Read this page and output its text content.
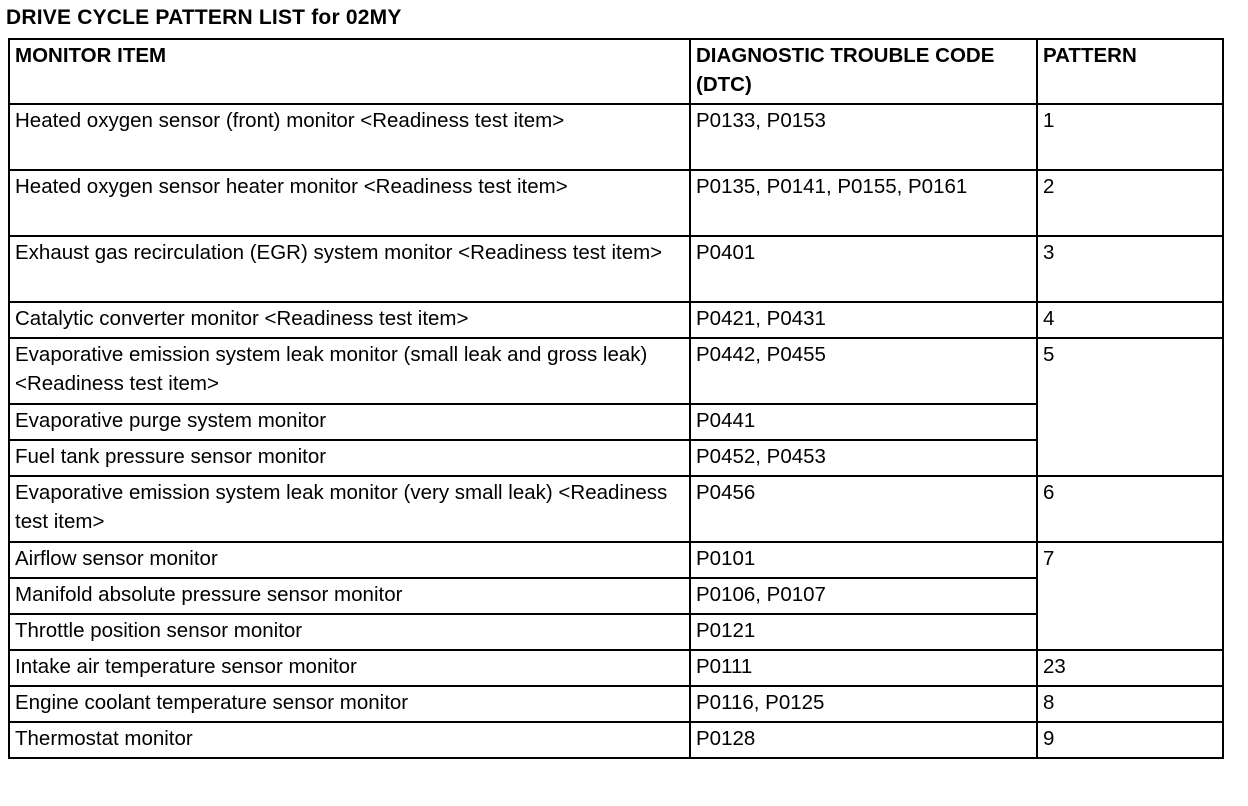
DRIVE CYCLE PATTERN LIST for 02MY
MONITOR ITEM	DIAGNOSTIC TROUBLE CODE (DTC)	PATTERN
Heated oxygen sensor (front) monitor <Readiness test item>	P0133, P0153	1
Heated oxygen sensor heater monitor <Readiness test item>	P0135, P0141, P0155, P0161	2
Exhaust gas recirculation (EGR) system monitor <Readiness test item>	P0401	3
Catalytic converter monitor <Readiness test item>	P0421, P0431	4
Evaporative emission system leak monitor (small leak and gross leak) <Readiness test item>	P0442, P0455	5
Evaporative purge system monitor	P0441	
Fuel tank pressure sensor monitor	P0452, P0453	
Evaporative emission system leak monitor (very small leak) <Readiness test item>	P0456	6
Airflow sensor monitor	P0101	7
Manifold absolute pressure sensor monitor	P0106, P0107	
Throttle position sensor monitor	P0121	
Intake air temperature sensor monitor	P0111	23
Engine coolant temperature sensor monitor	P0116, P0125	8
Thermostat monitor	P0128	9
